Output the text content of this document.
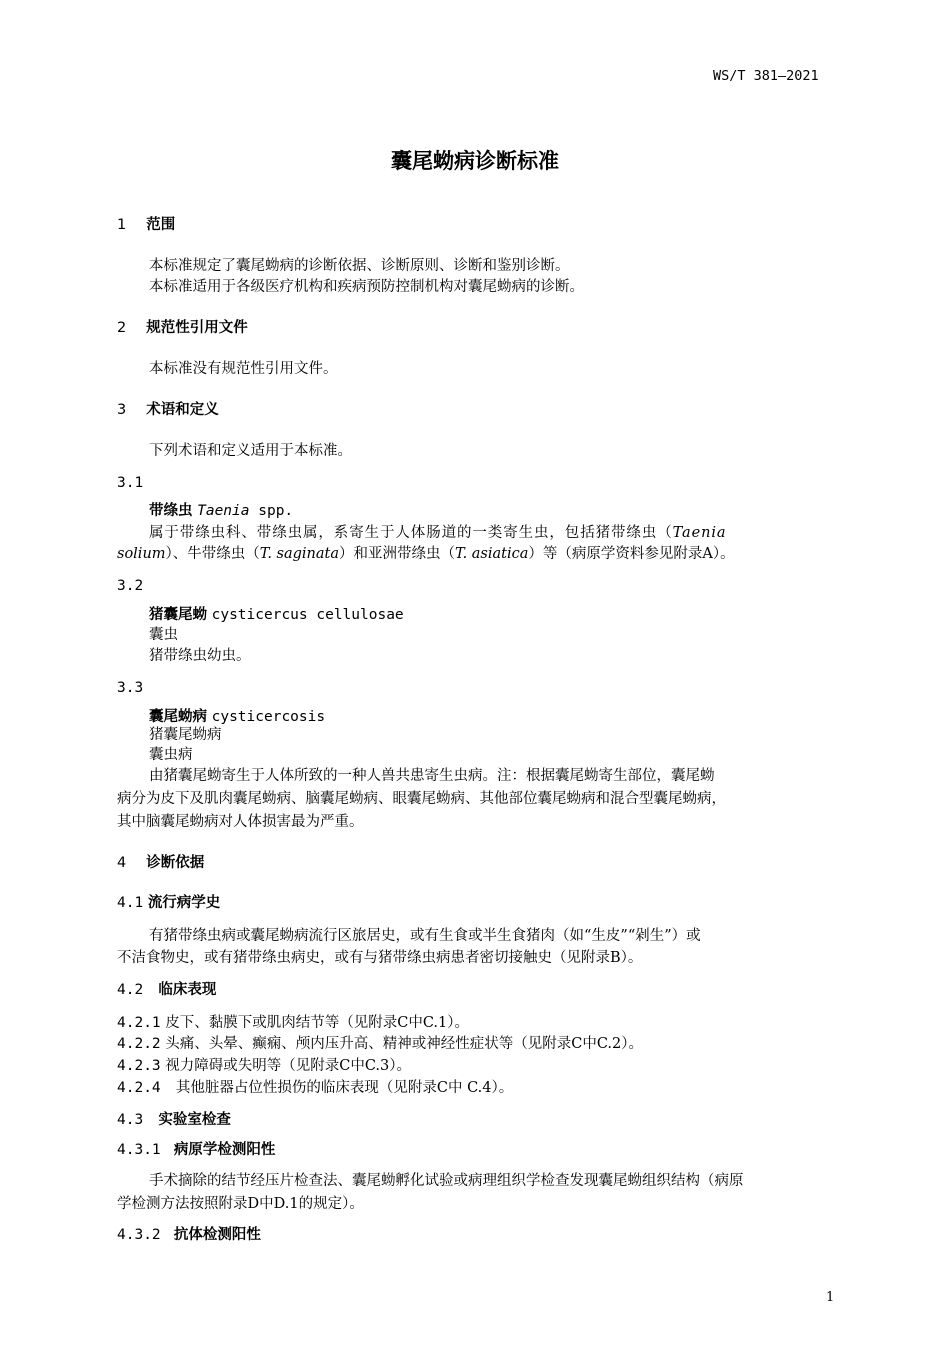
WS/T 381—2021
囊尾蚴病诊断标准
1 范围
本标准规定了囊尾蚴病的诊断依据、诊断原则、诊断和鉴别诊断。
本标准适用于各级医疗机构和疾病预防控制机构对囊尾蚴病的诊断。
2 规范性引用文件
本标准没有规范性引用文件。
3 术语和定义
下列术语和定义适用于本标准。
3.1
带绦虫 Taenia spp.
属于带绦虫科、带绦虫属，系寄生于人体肠道的一类寄生虫，包括猪带绦虫（Taenia
solium）、牛带绦虫（T. saginata）和亚洲带绦虫（T. asiatica）等（病原学资料参见附录A）。
3.2
猪囊尾蚴 cysticercus cellulosae
囊虫
猪带绦虫幼虫。
3.3
囊尾蚴病 cysticercosis
猪囊尾蚴病
囊虫病
由猪囊尾蚴寄生于人体所致的一种人兽共患寄生虫病。注：根据囊尾蚴寄生部位，囊尾蚴
病分为皮下及肌肉囊尾蚴病、脑囊尾蚴病、眼囊尾蚴病、其他部位囊尾蚴病和混合型囊尾蚴病，
其中脑囊尾蚴病对人体损害最为严重。
4 诊断依据
4.1 流行病学史
有猪带绦虫病或囊尾蚴病流行区旅居史，或有生食或半生食猪肉（如“生皮”“剁生”）或
不洁食物史，或有猪带绦虫病史，或有与猪带绦虫病患者密切接触史（见附录B）。
4.2 临床表现
4.2.1 皮下、黏膜下或肌肉结节等（见附录C中C.1）。
4.2.2 头痛、头晕、癫痫、颅内压升高、精神或神经性症状等（见附录C中C.2）。
4.2.3 视力障碍或失明等（见附录C中C.3）。
4.2.4 其他脏器占位性损伤的临床表现（见附录C中 C.4）。
4.3 实验室检查
4.3.1 病原学检测阳性
手术摘除的结节经压片检查法、囊尾蚴孵化试验或病理组织学检查发现囊尾蚴组织结构（病原
学检测方法按照附录D中D.1的规定）。
4.3.2 抗体检测阳性
1
